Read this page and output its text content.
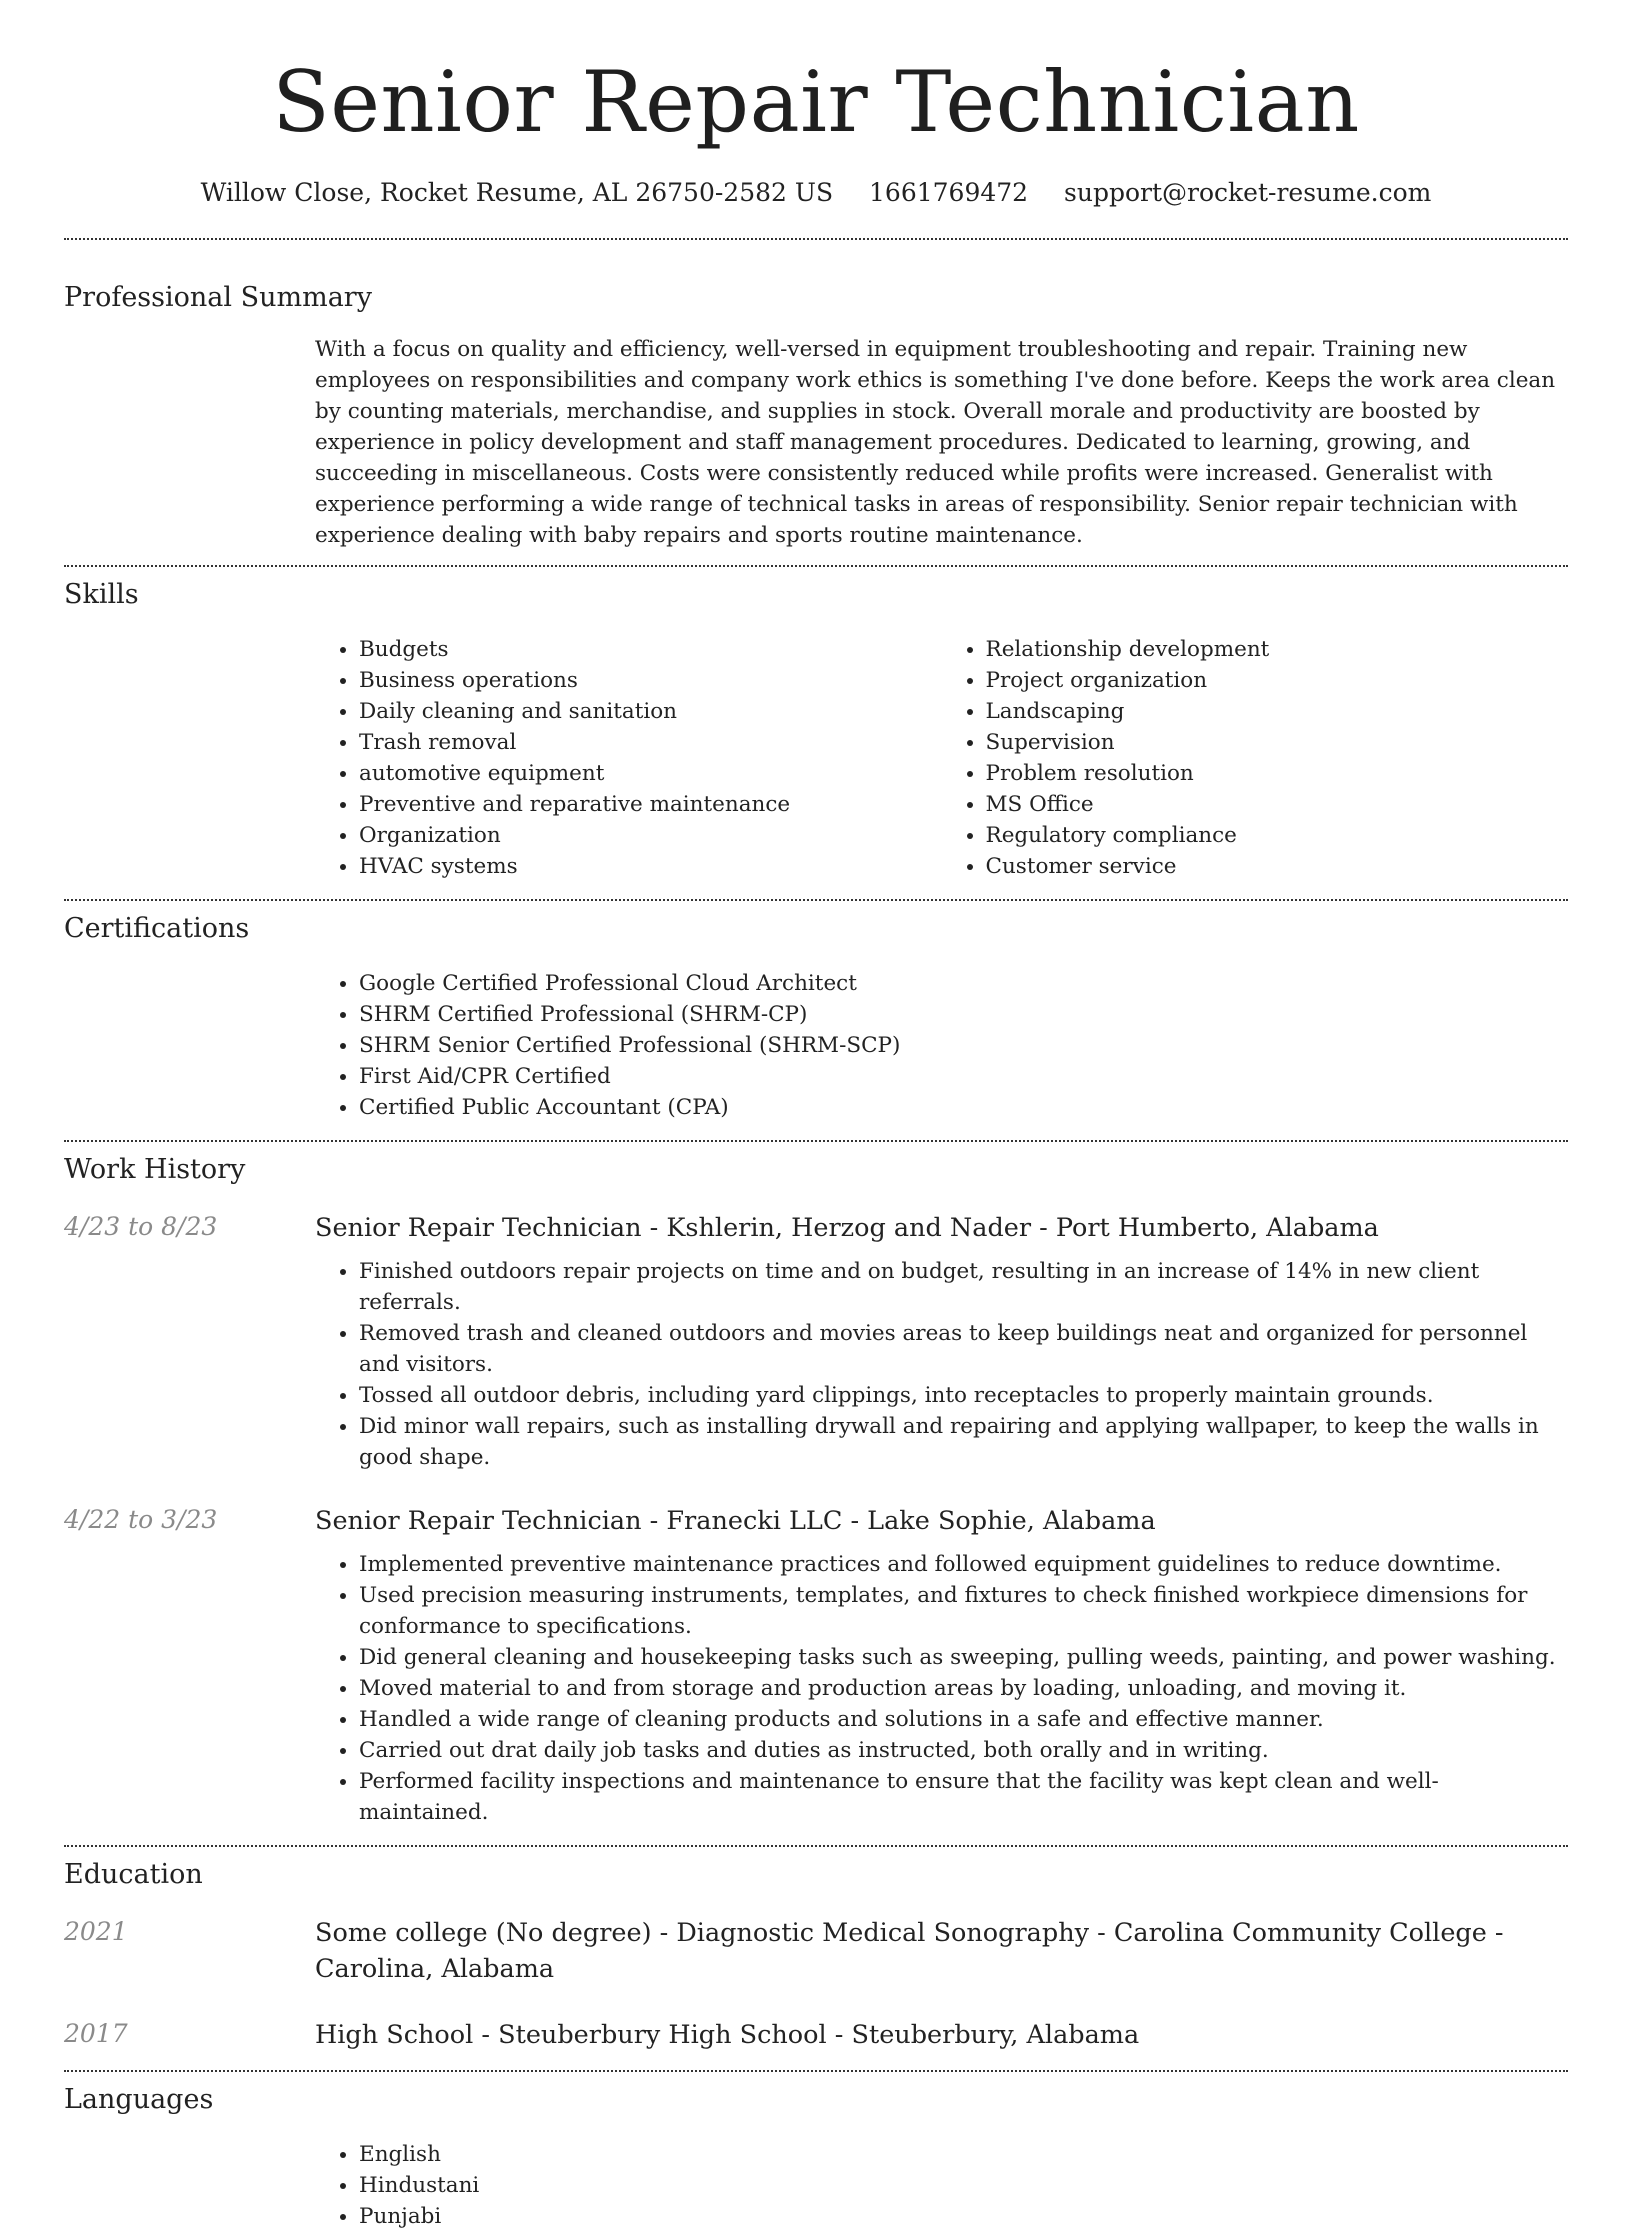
Senior Repair Technician
Willow Close, Rocket Resume, AL 26750-2582 US 1661769472 support@rocket-resume.com
Professional Summary

With a focus on quality and efficiency, well-versed in equipment troubleshooting and repair. Training new employees on responsibilities and company work ethics is something I've done before. Keeps the work area clean by counting materials, merchandise, and supplies in stock. Overall morale and productivity are boosted by experience in policy development and staff management procedures. Dedicated to learning, growing, and succeeding in miscellaneous. Costs were consistently reduced while profits were increased. Generalist with experience performing a wide range of technical tasks in areas of responsibility. Senior repair technician with experience dealing with baby repairs and sports routine maintenance.

Skills
• Budgets
• Business operations
• Daily cleaning and sanitation
• Trash removal
• automotive equipment
• Preventive and reparative maintenance
• Organization
• HVAC systems
• Relationship development
• Project organization
• Landscaping
• Supervision
• Problem resolution
• MS Office
• Regulatory compliance
• Customer service
Certifications
• Google Certified Professional Cloud Architect
• SHRM Certified Professional (SHRM-CP)
• SHRM Senior Certified Professional (SHRM-SCP)
• First Aid/CPR Certified
• Certified Public Accountant (CPA)
Work History
4/23 to 8/23	Senior Repair Technician - Kshlerin, Herzog and Nader - Port Humberto, Alabama
• Finished outdoors repair projects on time and on budget, resulting in an increase of 14% in new client referrals.
• Removed trash and cleaned outdoors and movies areas to keep buildings neat and organized for personnel and visitors.
• Tossed all outdoor debris, including yard clippings, into receptacles to properly maintain grounds.
• Did minor wall repairs, such as installing drywall and repairing and applying wallpaper, to keep the walls in good shape.
4/22 to 3/23	Senior Repair Technician - Franecki LLC - Lake Sophie, Alabama
• Implemented preventive maintenance practices and followed equipment guidelines to reduce downtime.
• Used precision measuring instruments, templates, and fixtures to check finished workpiece dimensions for conformance to specifications.
• Did general cleaning and housekeeping tasks such as sweeping, pulling weeds, painting, and power washing.
• Moved material to and from storage and production areas by loading, unloading, and moving it.
• Handled a wide range of cleaning products and solutions in a safe and effective manner.
• Carried out drat daily job tasks and duties as instructed, both orally and in writing.
• Performed facility inspections and maintenance to ensure that the facility was kept clean and well-maintained.
Education
2021	Some college (No degree) - Diagnostic Medical Sonography - Carolina Community College - Carolina, Alabama
2017	High School - Steuberbury High School - Steuberbury, Alabama
Languages
• English
• Hindustani
• Punjabi
